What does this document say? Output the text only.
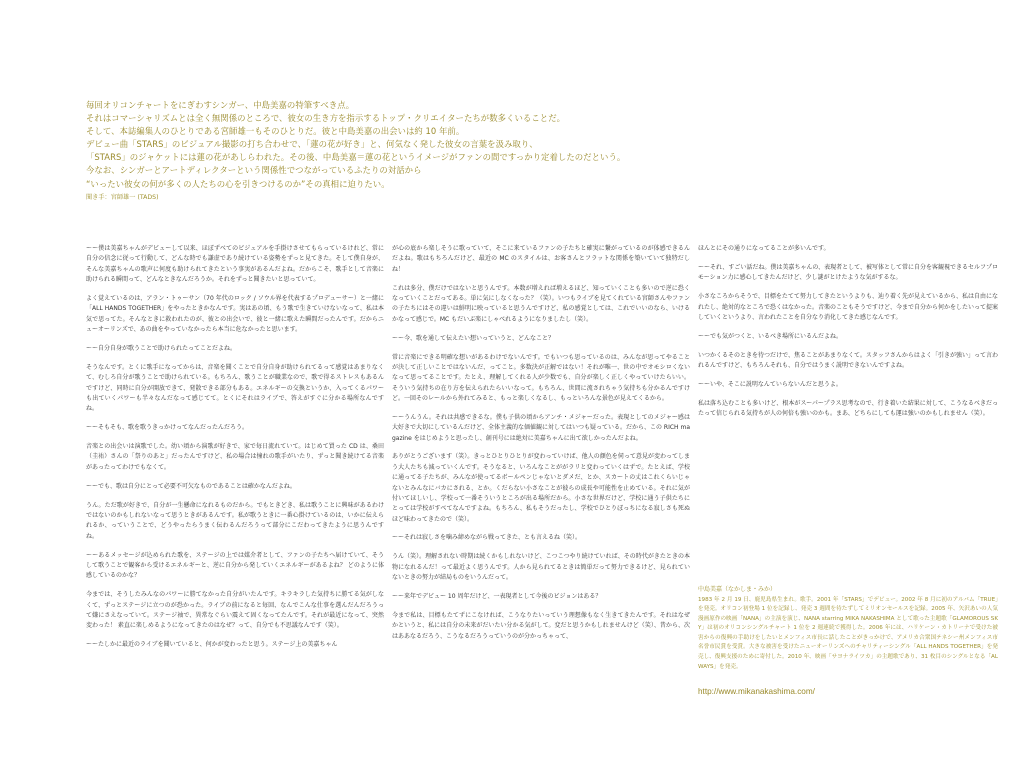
毎回オリコンチャートをにぎわすシンガー、中島美嘉の特筆すべき点。
それはコマーシャリズムとは全く無関係のところで、彼女の生き方を指示するトップ・クリエイターたちが数多くいることだ。
そして、本誌編集人のひとりである宮師雄一もそのひとりだ。彼と中島美嘉の出会いは約 10 年前。
デビュー曲「STARS」のビジュアル撮影の打ち合わせで、「蓮の花が好き」と、何気なく発した彼女の言葉を汲み取り、
「STARS」のジャケットには蓮の花があしらわれた。その後、中島美嘉＝蓮の花というイメージがファンの間ですっかり定着したのだという。
今なお、シンガーとアートディレクターという関係性でつながっているふたりの対話から
“いったい彼女の何が多くの人たちの心を引きつけるのか”その真相に迫りたい。
聞き手：宮師雄一 (TADS)

ーー僕は美嘉ちゃんがデビューして以来、ほぼずべてのビジュアルを手掛けさせてもらっているけれど、常に自分の信念に従って行動して、どんな時でも謙虚であり続けている姿勢をずっと見てきた。そして僕自身が、そんな美嘉ちゃんの歌声に何度も助けられてきたという事実があるんだよね。だからこそ、歌手として音楽に助けられる瞬間って、どんなときなんだろうか。それをずっと聞きたいと思っていて。

よく覚えているのは、アラン・トゥーサン（70 年代のロック / ソウル界を代表するプロデューサー）と一緒に「ALL HANDS TOGETHER」をやったときかなんです。実はあの頃、もう歌で生きていけないなって、私は本気で思ってた。そんなときに救われたのが、彼との出会いで、彼と一緒に歌えた瞬間だったんです。だからニューオーリンズで、あの曲をやっていなかったら本当に危なかったと思います。

ーー自分自身が歌うことで助けられたってことだよね。

そうなんです。とくに歌手になってからは、音楽を聞くことで自分自身が助けられてるって感覚はあまりなくて、むしろ自分が歌うことで助けられている。もちろん、歌うことが職業なので、歌で得るストレスもあるんですけど、同時に自分が開放できて、発散できる部分もある。エネルギーの交換というか、入ってくるパワーも出ていくパワーも半々なんだなって感じてて。とくにそれはライブで、答えがすぐに分かる場所なんですね。

ーーそもそも、歌を歌うきっかけってなんだったんだろう。

音楽との出会いは演歌でした。幼い頃から演歌が好きで、家で毎日流れていて。はじめて買った CD は、桑田（圭祐）さんの「祭りのあと」だったんですけど、私の場合は憧れの歌手がいたり、ずっと聞き続けてる音楽があったってわけでもなくて。

ーーでも、歌は自分にとって必要不可欠なものであることは確かなんだよね。

うん。ただ歌が好きで、自分が一生懸命になれるものだから。でもときどき、私は歌うことに興味があるわけではないのかもしれないなって思うときがあるんです。私が歌うときに一番心掛けているのは、いかに伝えられるか、っていうことで、どうやったらうまく伝わるんだろうって部分にこだわってきたように思うんですね。

ーーあるメッセージが込められた歌を、ステージの上では媒介者として、ファンの子たちへ届けていて、そうして歌うことで観客から受けるエネルギーと、逆に自分から発していくエネルギーがあるよね？ どのように体感しているのかな？

今までは、そうしたみんなのパワーに勝てなかった自分がいたんです。キラキラした気持ちに勝てる気がしなくて、ずっとステージに立つのが恐かった。ライブの前になると毎回、なんでこんな仕事を選んだんだろうって嫌にさえなっていて。ステージ袖で、異常なぐらい震えて固くなってたんです。それが最近になって、突然変わった！ 素直に楽しめるようになってきたのはなぜ？って、自分でも不思議なんです（笑）。

ーーたしかに最近のライブを聞いていると、何かが変わったと思う。ステージ上の美嘉ちゃん

が心の底から楽しそうに歌っていて、そこに来ているファンの子たちと確実に繋がっているのが体感できるんだよね。歌はもちろんだけど、最近の MC のスタイルは、お客さんとフラットな関係を築いていて独特だしね！

これは多分、僕だけではないと思うんです。本数が増えれば増えるほど、知っていくことも多いので逆に恐くなっていくことだってある。単に気にしなくなった？（笑）。いつもライブを見てくれている宮師さんやファンの子たちにはその違いは鮮明に映っていると思うんですけど、私の感覚としては、これでいいのなら、いけるかなって感じで。MC もだいぶ楽にしゃべれるようになりましたし（笑）。

ーー今、歌を通して伝えたい想いっていうと、どんなこと？

常に音楽にできる明確な想いがあるわけでないんです。でもいつも思っているのは、みんなが思ってやることが決して正しいことではないんだ、ってこと。多数決が正解ではない！それが唯一、世の中でオモシロくないなって思ってることです。たとえ、理解してくれる人が少数でも、自分が楽しく正しくやっていけたらいい。そういう気持ちの在り方を伝えられたらいいなって。もちろん、世間に流されちゃう気持ちも分かるんですけど。一回そのレールから外れてみると、もっと楽しくなるし、もっといろんな景色が見えてくるから。

ーーうんうん。それは共感できるな。僕も子供の頃からアンチ・メジャーだった。表現としてのメジャー感は大好きで大切にしているんだけど、全体主義的な価値観に対してはいつも疑っている。だから、この RICH magazine をはじめようと思ったし、創刊号には絶対に美嘉ちゃんに出て欲しかったんだよね。

ありがとうございます（笑）。きっとひとりひとりが変わっていけば、他人の顔色を伺って意見が変わってしまう大人たちも減っていくんです。そうなると、いろんなことががラリと変わっていくはずで。たとえば、学校に通ってる子たちが、みんなが使ってるボールペンじゃないとダメだ、とか、スカートの丈はこれくらいじゃないとみんなにバカにされる、とか。くだらない小さなことが彼らの成長や可能性を止めている。それに気が付いてほしいし、学校って一番そういうところが出る場所だから。小さな世界だけど、学校に通う子供たちにとっては学校がすべてなんですよね。もちろん、私もそうだったし、学校でひとりぼっちになる寂しさも死ぬほど味わってきたので（笑）。

ーーそれは寂しさを噛み締めながら戦ってきた、とも言えるね（笑）。

うん（笑）。理解されない時期は続くかもしれないけど、こつこつやり続けていれば、その時代がきたときの本物になれるんだ！って最近よく思うんです。人から見られてるときは簡単だって努力できるけど、見られていないときの努力が結局ものをいうんだって。

ーー来年でデビュー 10 周年だけど、一表現者として今後のビジョンはある？

今まで私は、目標もたてずにこなければ、こうなりたいっていう理想像もなく生きてきたんです。それはなぜかというと、私には自分の未来がだいたい分かる気がして。変だと思うかもしれませんけど（笑）、昔から、次はああなるだろう、こうなるだろうっていうのが分かっちゃって、

ほんとにその通りになってることが多いんです。

ーーそれ、すごい話だね。僕は美嘉ちゃんの、表現者として、被写体として常に自分を客観視できるセルフプロモーション力に感心してきたんだけど、少し謎がとけたような気がするな。

小さなころからそうで、目標をたてて努力してきたというよりも、辿り着く先が見えているから、私は自由になれたし、絶対的なところで恐くはなかった。音楽のこともそうですけど、今まで自分から何かをしたいって提案していくというより、言われたことを自分なり消化してきた感じなんです。

ーーでも気がつくと、いるべき場所にいるんだよね。

いつかくるそのときを待つだけで、焦ることがあまりなくて。スタッフさんからはよく「引きが強い」って言われるんですけど、もちろんそれも、自分ではうまく説明できないんですよね。

ーーいや、そこに説明なんていらないんだと思うよ。

私は落ち込むことも多いけど、根本がスーパープラス思考なので、行き着いた結果に対して、こうなるべきだったって信じられる気持ちが人の何倍も強いのかも。まあ、どちらにしても運は強いのかもしれません（笑）。

中島美嘉（なかしま・みか）
1983 年 2 月 19 日、鹿児島県生まれ。歌手。2001 年「STARS」でデビュー。2002 年 8 月に初のアルバム「TRUE」を発売。オリコン初登場 1 位を記録し、発売 3 週間を待たずしてミリオンセールスを記録。2005 年、矢沢あいの人気漫画原作の映画「NANA」の主演を演じ、NANA starring MIKA NAKASHIMA として歌った主題歌「GLAMOROUS SKY」は初のオリコンシングルチャート 1 位を 2 週連続で獲得した。2006 年には、ハリケーン・カトリーナで受けた被害からの復興の手助けをしたいとメンフィス市長に話したことがきっかけで、アメリカ合衆国テネシー州メンフィス市名誉市民賞を受賞。大きな被害を受けたニューオーリンズへのチャリティーシングル「ALL HANDS TOGETHER」を発売し、復興支援のために寄付した。2010 年、映画「サヨナライツカ」の主題歌であり、31 枚目のシングルとなる「ALWAYS」を発売。
http://www.mikanakashima.com/
